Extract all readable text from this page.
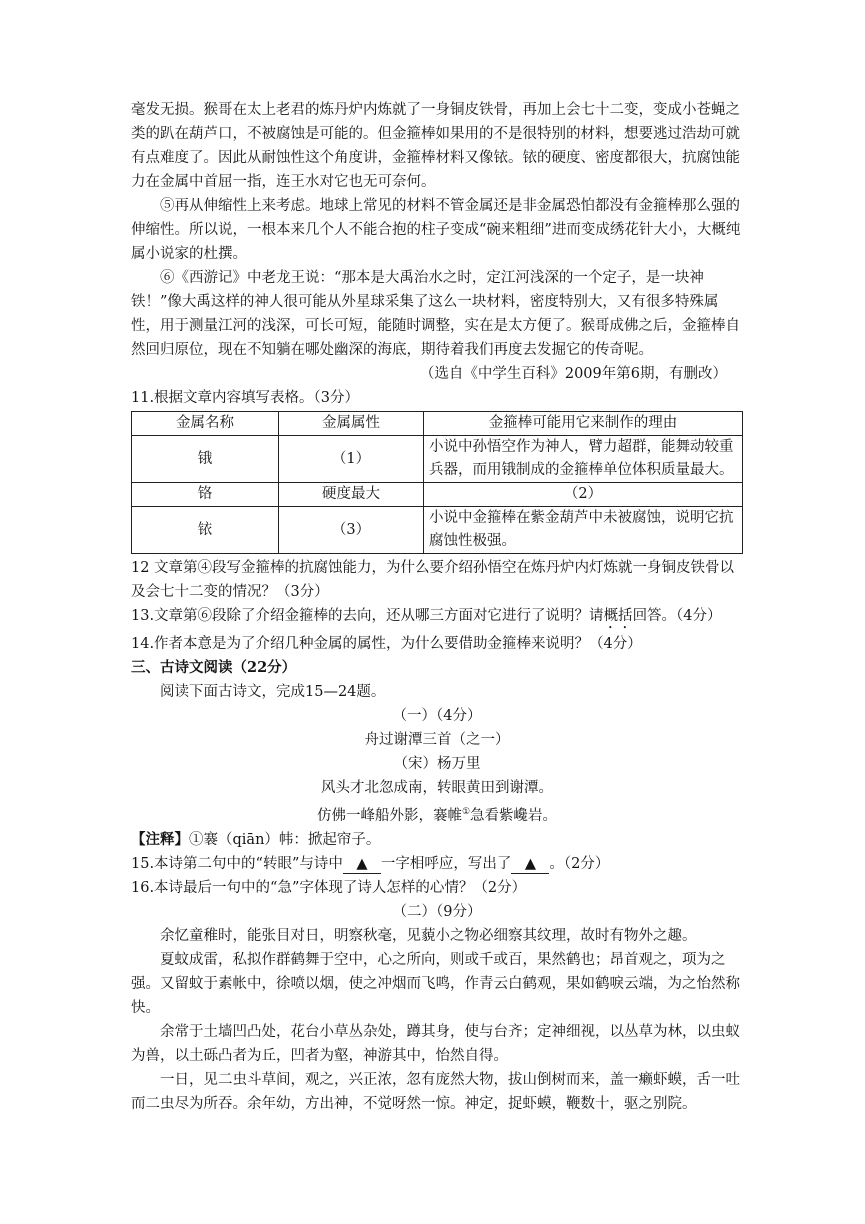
毫发无损。猴哥在太上老君的炼丹炉内炼就了一身铜皮铁骨，再加上会七十二变，变成小苍蝇之类的趴在葫芦口，不被腐蚀是可能的。但金箍棒如果用的不是很特别的材料，想要逃过浩劫可就有点难度了。因此从耐蚀性这个角度讲，金箍棒材料又像铱。铱的硬度、密度都很大，抗腐蚀能力在金属中首屈一指，连王水对它也无可奈何。

⑤再从伸缩性上来考虑。地球上常见的材料不管金属还是非金属恐怕都没有金箍棒那么强的伸缩性。所以说，一根本来几个人不能合抱的柱子变成“碗来粗细”进而变成绣花针大小，大概纯属小说家的杜撰。

⑥《西游记》中老龙王说：“那本是大禹治水之时，定江河浅深的一个定子，是一块神铁！”像大禹这样的神人很可能从外星球采集了这么一块材料，密度特别大，又有很多特殊属性，用于测量江河的浅深，可长可短，能随时调整，实在是太方便了。猴哥成佛之后，金箍棒自然回归原位，现在不知躺在哪处幽深的海底，期待着我们再度去发掘它的传奇呢。

（选自《中学生百科》2009年第6期，有删改）

11.根据文章内容填写表格。（3分）

金属名称	金属属性	金箍棒可能用它来制作的理由
锇	（1）	小说中孙悟空作为神人，臂力超群，能舞动较重兵器，而用锇制成的金箍棒单位体积质量最大。
铬	硬度最大	（2）
铱	（3）	小说中金箍棒在紫金葫芦中未被腐蚀，说明它抗腐蚀性极强。

12 文章第④段写金箍棒的抗腐蚀能力，为什么要介绍孙悟空在炼丹炉内灯炼就一身铜皮铁骨以及会七十二变的情况？（3分）

13.文章第⑥段除了介绍金箍棒的去向，还从哪三方面对它进行了说明？请概括回答。（4分）

14.作者本意是为了介绍几种金属的属性，为什么要借助金箍棒来说明？（4分）

三、古诗文阅读（22分）

阅读下面古诗文，完成15—24题。

（一）（4分）

舟过谢潭三首（之一）

（宋）杨万里

风头才北忽成南，转眼黄田到谢潭。

仿佛一峰船外影，褰帷①急看紫巉岩。

【注释】①褰（qiān）帏：掀起帘子。

15.本诗第二句中的“转眼”与诗中 ▲ 一字相呼应，写出了 ▲ 。（2分）

16.本诗最后一句中的“急”字体现了诗人怎样的心情？（2分）

（二）（9分）

余忆童稚时，能张目对日，明察秋毫，见藐小之物必细察其纹理，故时有物外之趣。

夏蚊成雷，私拟作群鹤舞于空中，心之所向，则或千或百，果然鹤也；昂首观之，项为之强。又留蚊于素帐中，徐喷以烟，使之冲烟而飞鸣，作青云白鹤观，果如鹤唳云端，为之怡然称快。

余常于土墙凹凸处，花台小草丛杂处，蹲其身，使与台齐；定神细视，以丛草为林，以虫蚁为兽，以土砾凸者为丘，凹者为壑，神游其中，怡然自得。

一日，见二虫斗草间，观之，兴正浓，忽有庞然大物，拔山倒树而来，盖一癞虾蟆，舌一吐而二虫尽为所吞。余年幼，方出神，不觉呀然一惊。神定，捉虾蟆，鞭数十，驱之别院。
